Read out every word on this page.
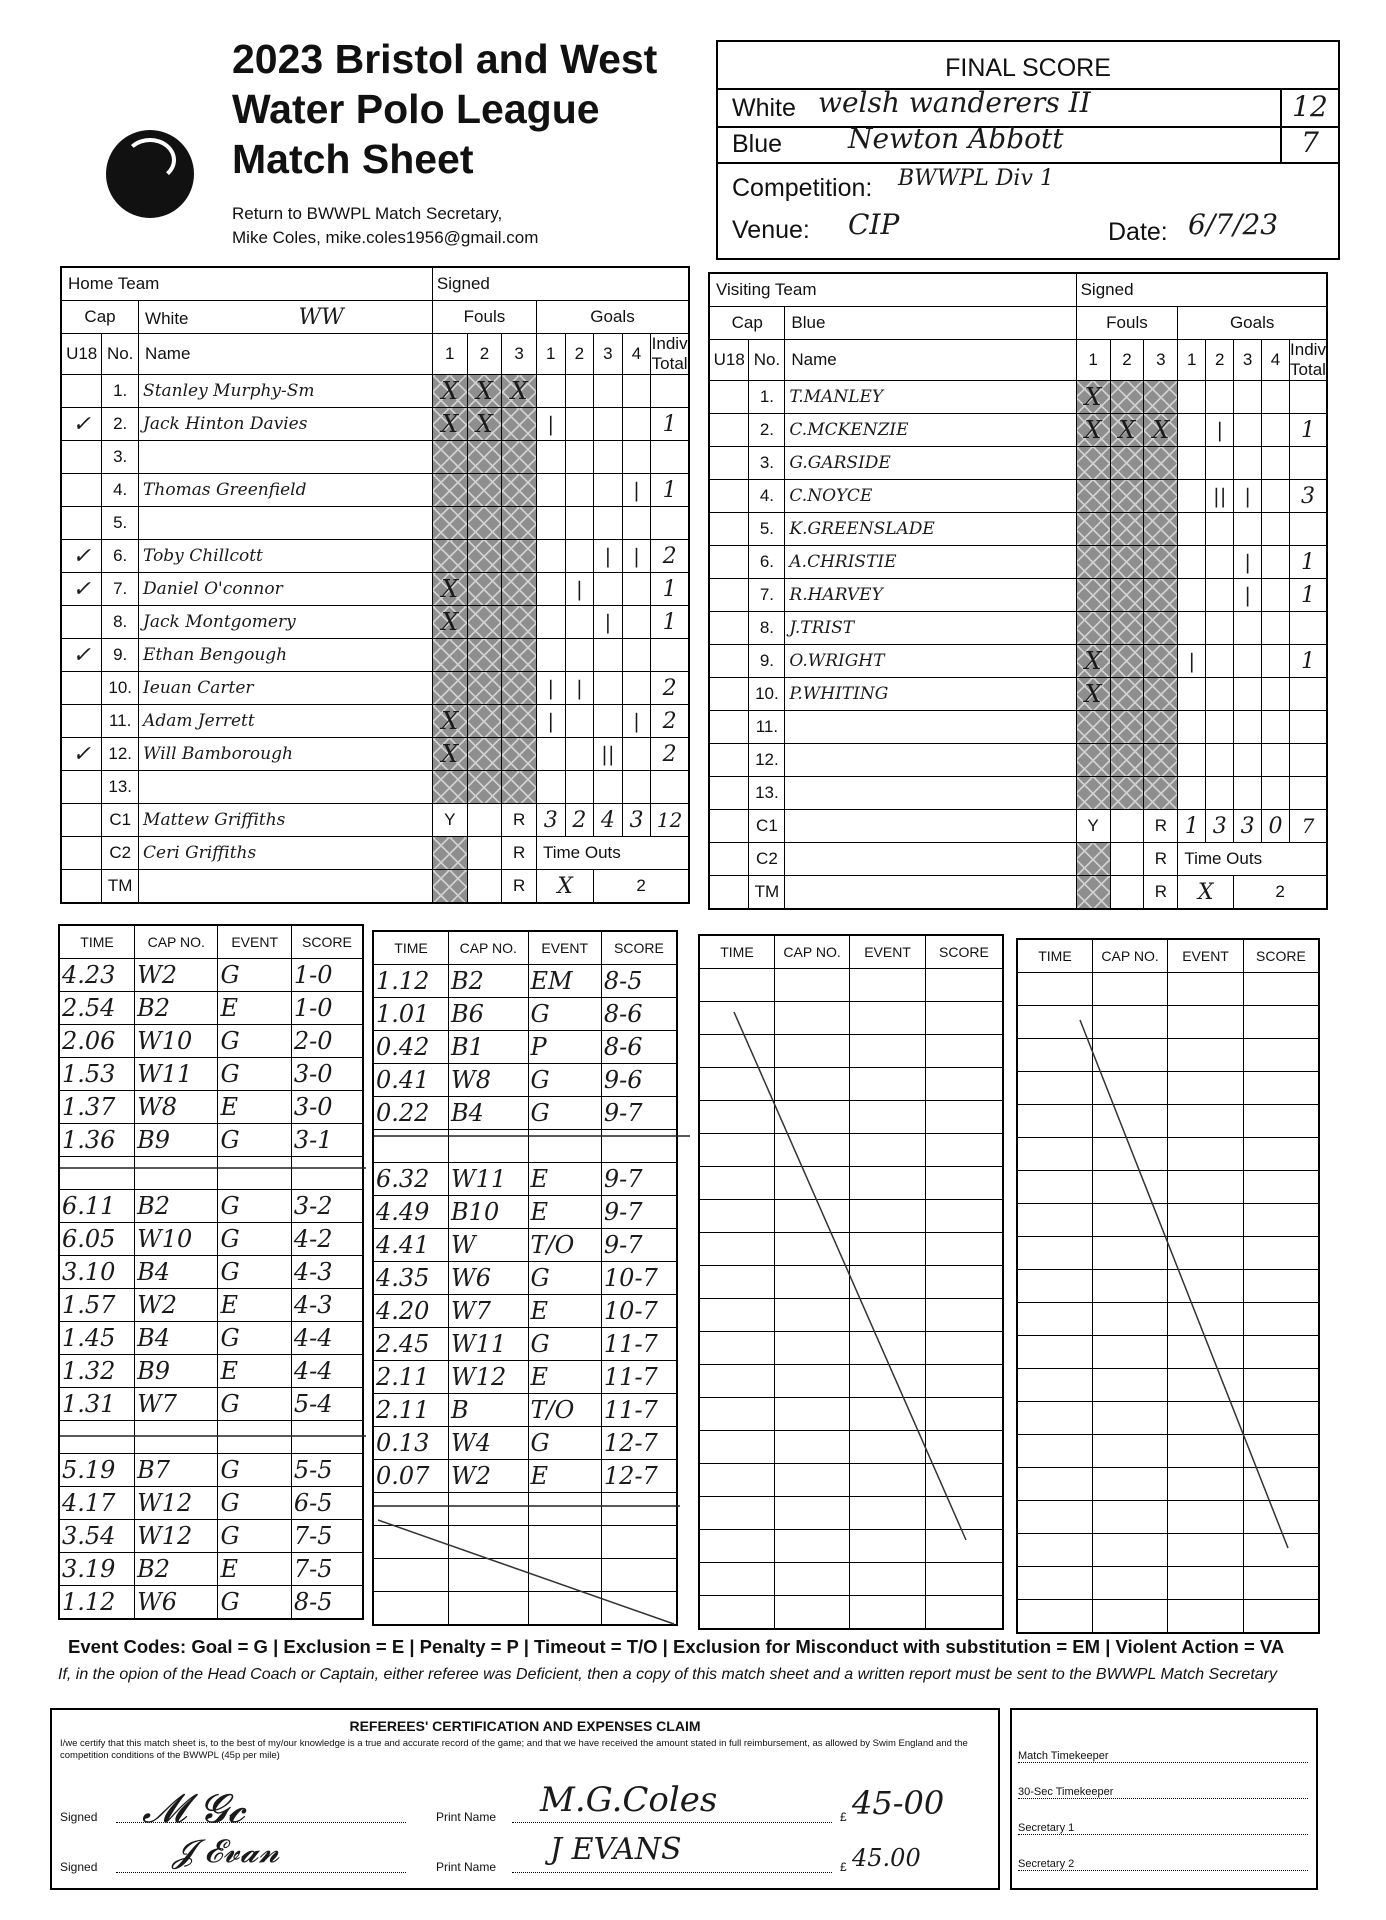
2023 Bristol and West
Water Polo League
Match Sheet
Return to BWWPL Match Secretary,
Mike Coles, mike.coles1956@gmail.com
FINAL SCORE
White welsh wanderers II	12
Blue Newton Abbott	7
Competition: BWWPL Div 1
Venue: CIP	Date: 6/7/23
Home Team			Signed							
Cap		White WW	Fouls			Goals				
U18	No.	Name	1	2	3	1	2	3	4	Indiv Total
	1.	Stanley Murphy-Sm	X	X	X					
✓	2.	Jack Hinton Davies	X	X		|				1
	3.									
	4.	Thomas Greenfield							|	1
	5.									
✓	6.	Toby Chillcott						|	|	2
✓	7.	Daniel O'connor	X				|			1
	8.	Jack Montgomery	X					|		1
✓	9.	Ethan Bengough								
	10.	Ieuan Carter				|	|			2
	11.	Adam Jerrett	X			|			|	2
✓	12.	Will Bamborough	X					||		2
	13.									
	C1	Mattew Griffiths	Y		R	3	2	4	3	12
	C2	Ceri Griffiths			R	Time Outs				
	TM				R	X		2		
Visiting Team			Signed							
Cap		Blue	Fouls			Goals				
U18	No.	Name	1	2	3	1	2	3	4	Indiv Total
	1.	T.MANLEY	X							
	2.	C.MCKENZIE	X	X	X		|			1
	3.	G.GARSIDE								
	4.	C.NOYCE					||	|		3
	5.	K.GREENSLADE								
	6.	A.CHRISTIE						|		1
	7.	R.HARVEY						|		1
	8.	J.TRIST								
	9.	O.WRIGHT	X			|				1
	10.	P.WHITING	X							
	11.									
	12.									
	13.									
	C1		Y		R	1	3	3	0	7
	C2				R	Time Outs				
	TM				R	X		2		
TIME	CAP NO.	EVENT	SCORE
4.23	W2	G	1-0
2.54	B2	E	1-0
2.06	W10	G	2-0
1.53	W11	G	3-0
1.37	W8	E	3-0
1.36	B9	G	3-1

6.11	B2	G	3-2
6.05	W10	G	4-2
3.10	B4	G	4-3
1.57	W2	E	4-3
1.45	B4	G	4-4
1.32	B9	E	4-4
1.31	W7	G	5-4

5.19	B7	G	5-5
4.17	W12	G	6-5
3.54	W12	G	7-5
3.19	B2	E	7-5
1.12	W6	G	8-5
TIME	CAP NO.	EVENT	SCORE
1.12	B2	EM	8-5
1.01	B6	G	8-6
0.42	B1	P	8-6
0.41	W8	G	9-6
0.22	B4	G	9-7

6.32	W11	E	9-7
4.49	B10	E	9-7
4.41	W	T/O	9-7
4.35	W6	G	10-7
4.20	W7	E	10-7
2.45	W11	G	11-7
2.11	W12	E	11-7
2.11	B	T/O	11-7
0.13	W4	G	12-7
0.07	W2	E	12-7

TIME	CAP NO.	EVENT	SCORE

				TIME	CAP NO.	EVENT	SCORE

Event Codes: Goal = G | Exclusion = E | Penalty = P | Timeout = T/O | Exclusion for Misconduct with substitution = EM | Violent Action = VA
If, in the opion of the Head Coach or Captain, either referee was Deficient, then a copy of this match sheet and a written report must be sent to the BWWPL Match Secretary
REFEREES' CERTIFICATION AND EXPENSES CLAIM
I/we certify that this match sheet is, to the best of my/our knowledge is a true and accurate record of the game; and that we have received the amount stated in full reimbursement, as allowed by Swim England and the competition conditions of the BWWPL (45p per mile)
Signed 𝓜 𝓖𝓬	Print Name M.G.Coles	£ 45-00
Signed 𝓙 𝓔𝓿𝓪𝓷	Print Name J EVANS	£ 45.00
Match Timekeeper
30-Sec Timekeeper
Secretary 1
Secretary 2
